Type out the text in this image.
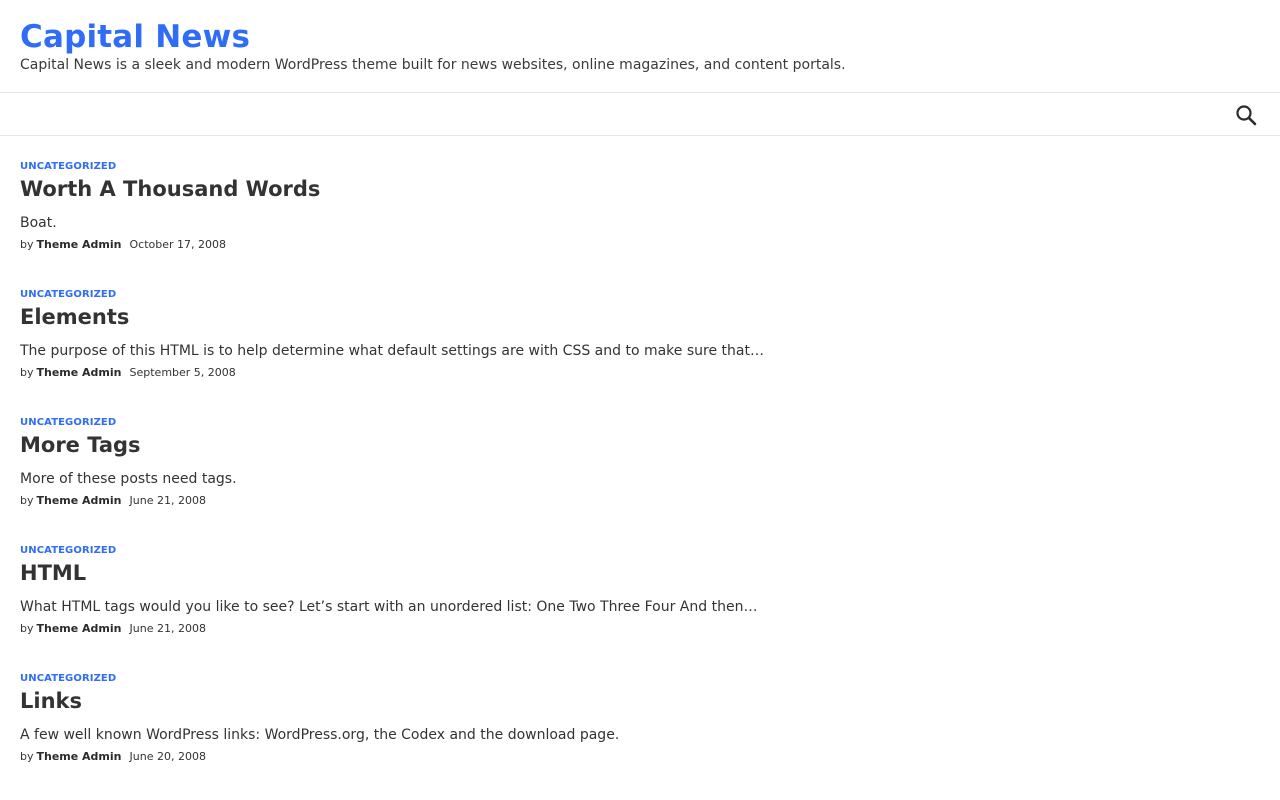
Capital News

Capital News is a sleek and modern WordPress theme built for news websites, online magazines, and content portals.

UNCATEGORIZED
Worth A Thousand Words

Boat.

by Theme Admin October 17, 2008
UNCATEGORIZED
Elements

The purpose of this HTML is to help determine what default settings are with CSS and to make sure that…

by Theme Admin September 5, 2008
UNCATEGORIZED
More Tags

More of these posts need tags.

by Theme Admin June 21, 2008
UNCATEGORIZED
HTML

What HTML tags would you like to see? Let’s start with an unordered list: One Two Three Four And then…

by Theme Admin June 21, 2008
UNCATEGORIZED
Links

A few well known WordPress links: WordPress.org, the Codex and the download page.

by Theme Admin June 20, 2008
